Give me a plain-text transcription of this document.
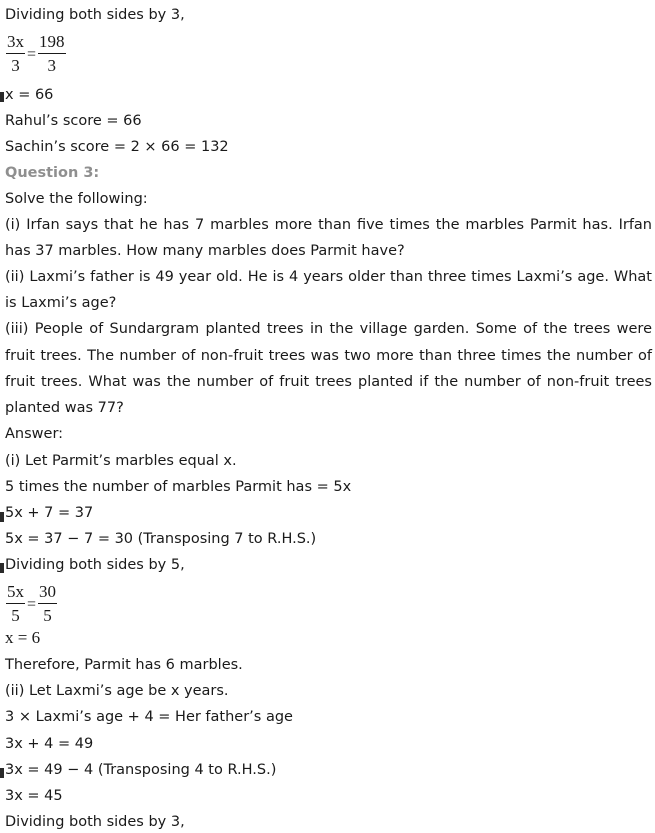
Dividing both sides by 3,
$\frac{3x}{3} = \frac{198}{3}$
x = 66
Rahul’s score = 66
Sachin’s score = 2 × 66 = 132
Question 3:
Solve the following:
(i) Irfan says that he has 7 marbles more than five times the marbles Parmit has. Irfan
has 37 marbles. How many marbles does Parmit have?
(ii) Laxmi’s father is 49 year old. He is 4 years older than three times Laxmi’s age. What
is Laxmi’s age?
(iii) People of Sundargram planted trees in the village garden. Some of the trees were
fruit trees. The number of non-fruit trees was two more than three times the number of
fruit trees. What was the number of fruit trees planted if the number of non-fruit trees
planted was 77?
Answer:
(i) Let Parmit’s marbles equal x.
5 times the number of marbles Parmit has = 5x
5x + 7 = 37
5x = 37 − 7 = 30 (Transposing 7 to R.H.S.)
Dividing both sides by 5,
$\frac{5x}{5} = \frac{30}{5}$
x = 6
Therefore, Parmit has 6 marbles.
(ii) Let Laxmi’s age be x years.
3 × Laxmi’s age + 4 = Her father’s age
3x + 4 = 49
3x = 49 − 4 (Transposing 4 to R.H.S.)
3x = 45
Dividing both sides by 3,
